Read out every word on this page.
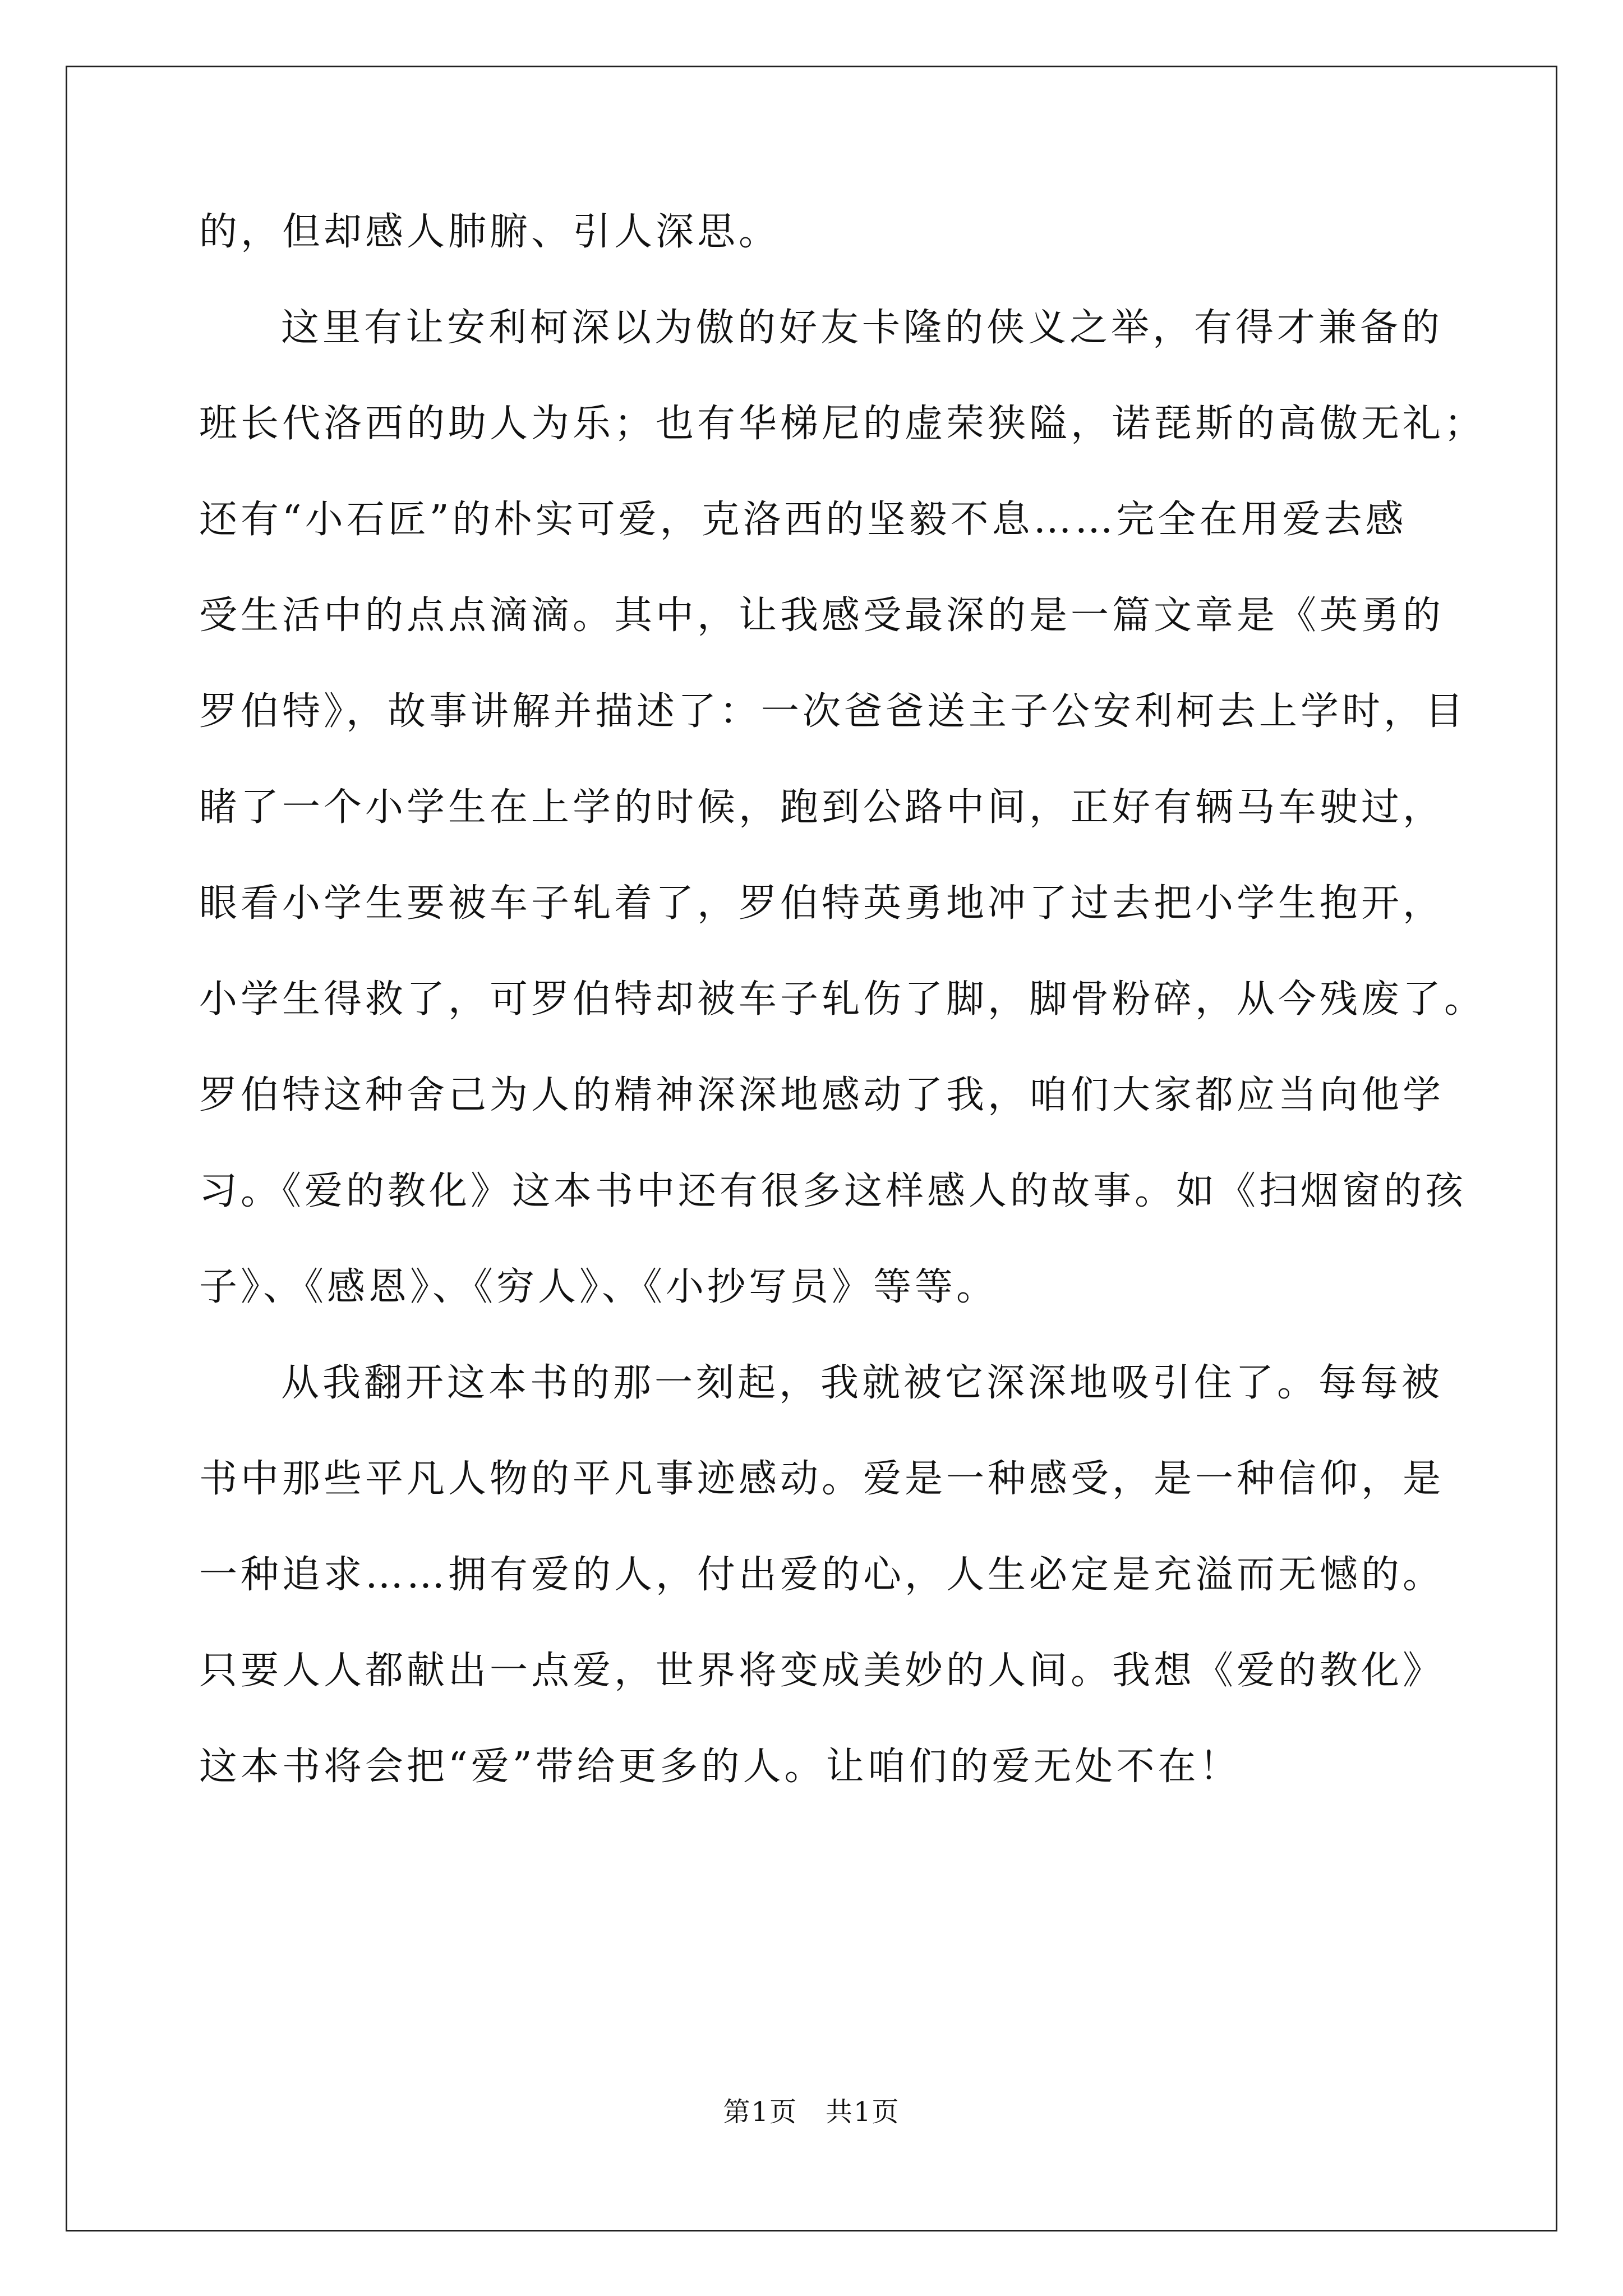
的，但却感人肺腑、引人深思。

这里有让安利柯深以为傲的好友卡隆的侠义之举，有得才兼备的

班长代洛西的助人为乐；也有华梯尼的虚荣狭隘，诺琵斯的高傲无礼；

还有“小石匠”的朴实可爱，克洛西的坚毅不息……完全在用爱去感

受生活中的点点滴滴。其中，让我感受最深的是一篇文章是《英勇的

罗伯特》，故事讲解并描述了：一次爸爸送主子公安利柯去上学时，目

睹了一个小学生在上学的时候，跑到公路中间，正好有辆马车驶过，

眼看小学生要被车子轧着了，罗伯特英勇地冲了过去把小学生抱开，

小学生得救了，可罗伯特却被车子轧伤了脚，脚骨粉碎，从今残废了。

罗伯特这种舍己为人的精神深深地感动了我，咱们大家都应当向他学

习。《爱的教化》这本书中还有很多这样感人的故事。如《扫烟窗的孩

子》、《感恩》、《穷人》、《小抄写员》等等。

从我翻开这本书的那一刻起，我就被它深深地吸引住了。每每被

书中那些平凡人物的平凡事迹感动。爱是一种感受，是一种信仰，是

一种追求……拥有爱的人，付出爱的心，人生必定是充溢而无憾的。

只要人人都献出一点爱，世界将变成美妙的人间。我想《爱的教化》

这本书将会把“爱”带给更多的人。让咱们的爱无处不在！

第1页 共1页
